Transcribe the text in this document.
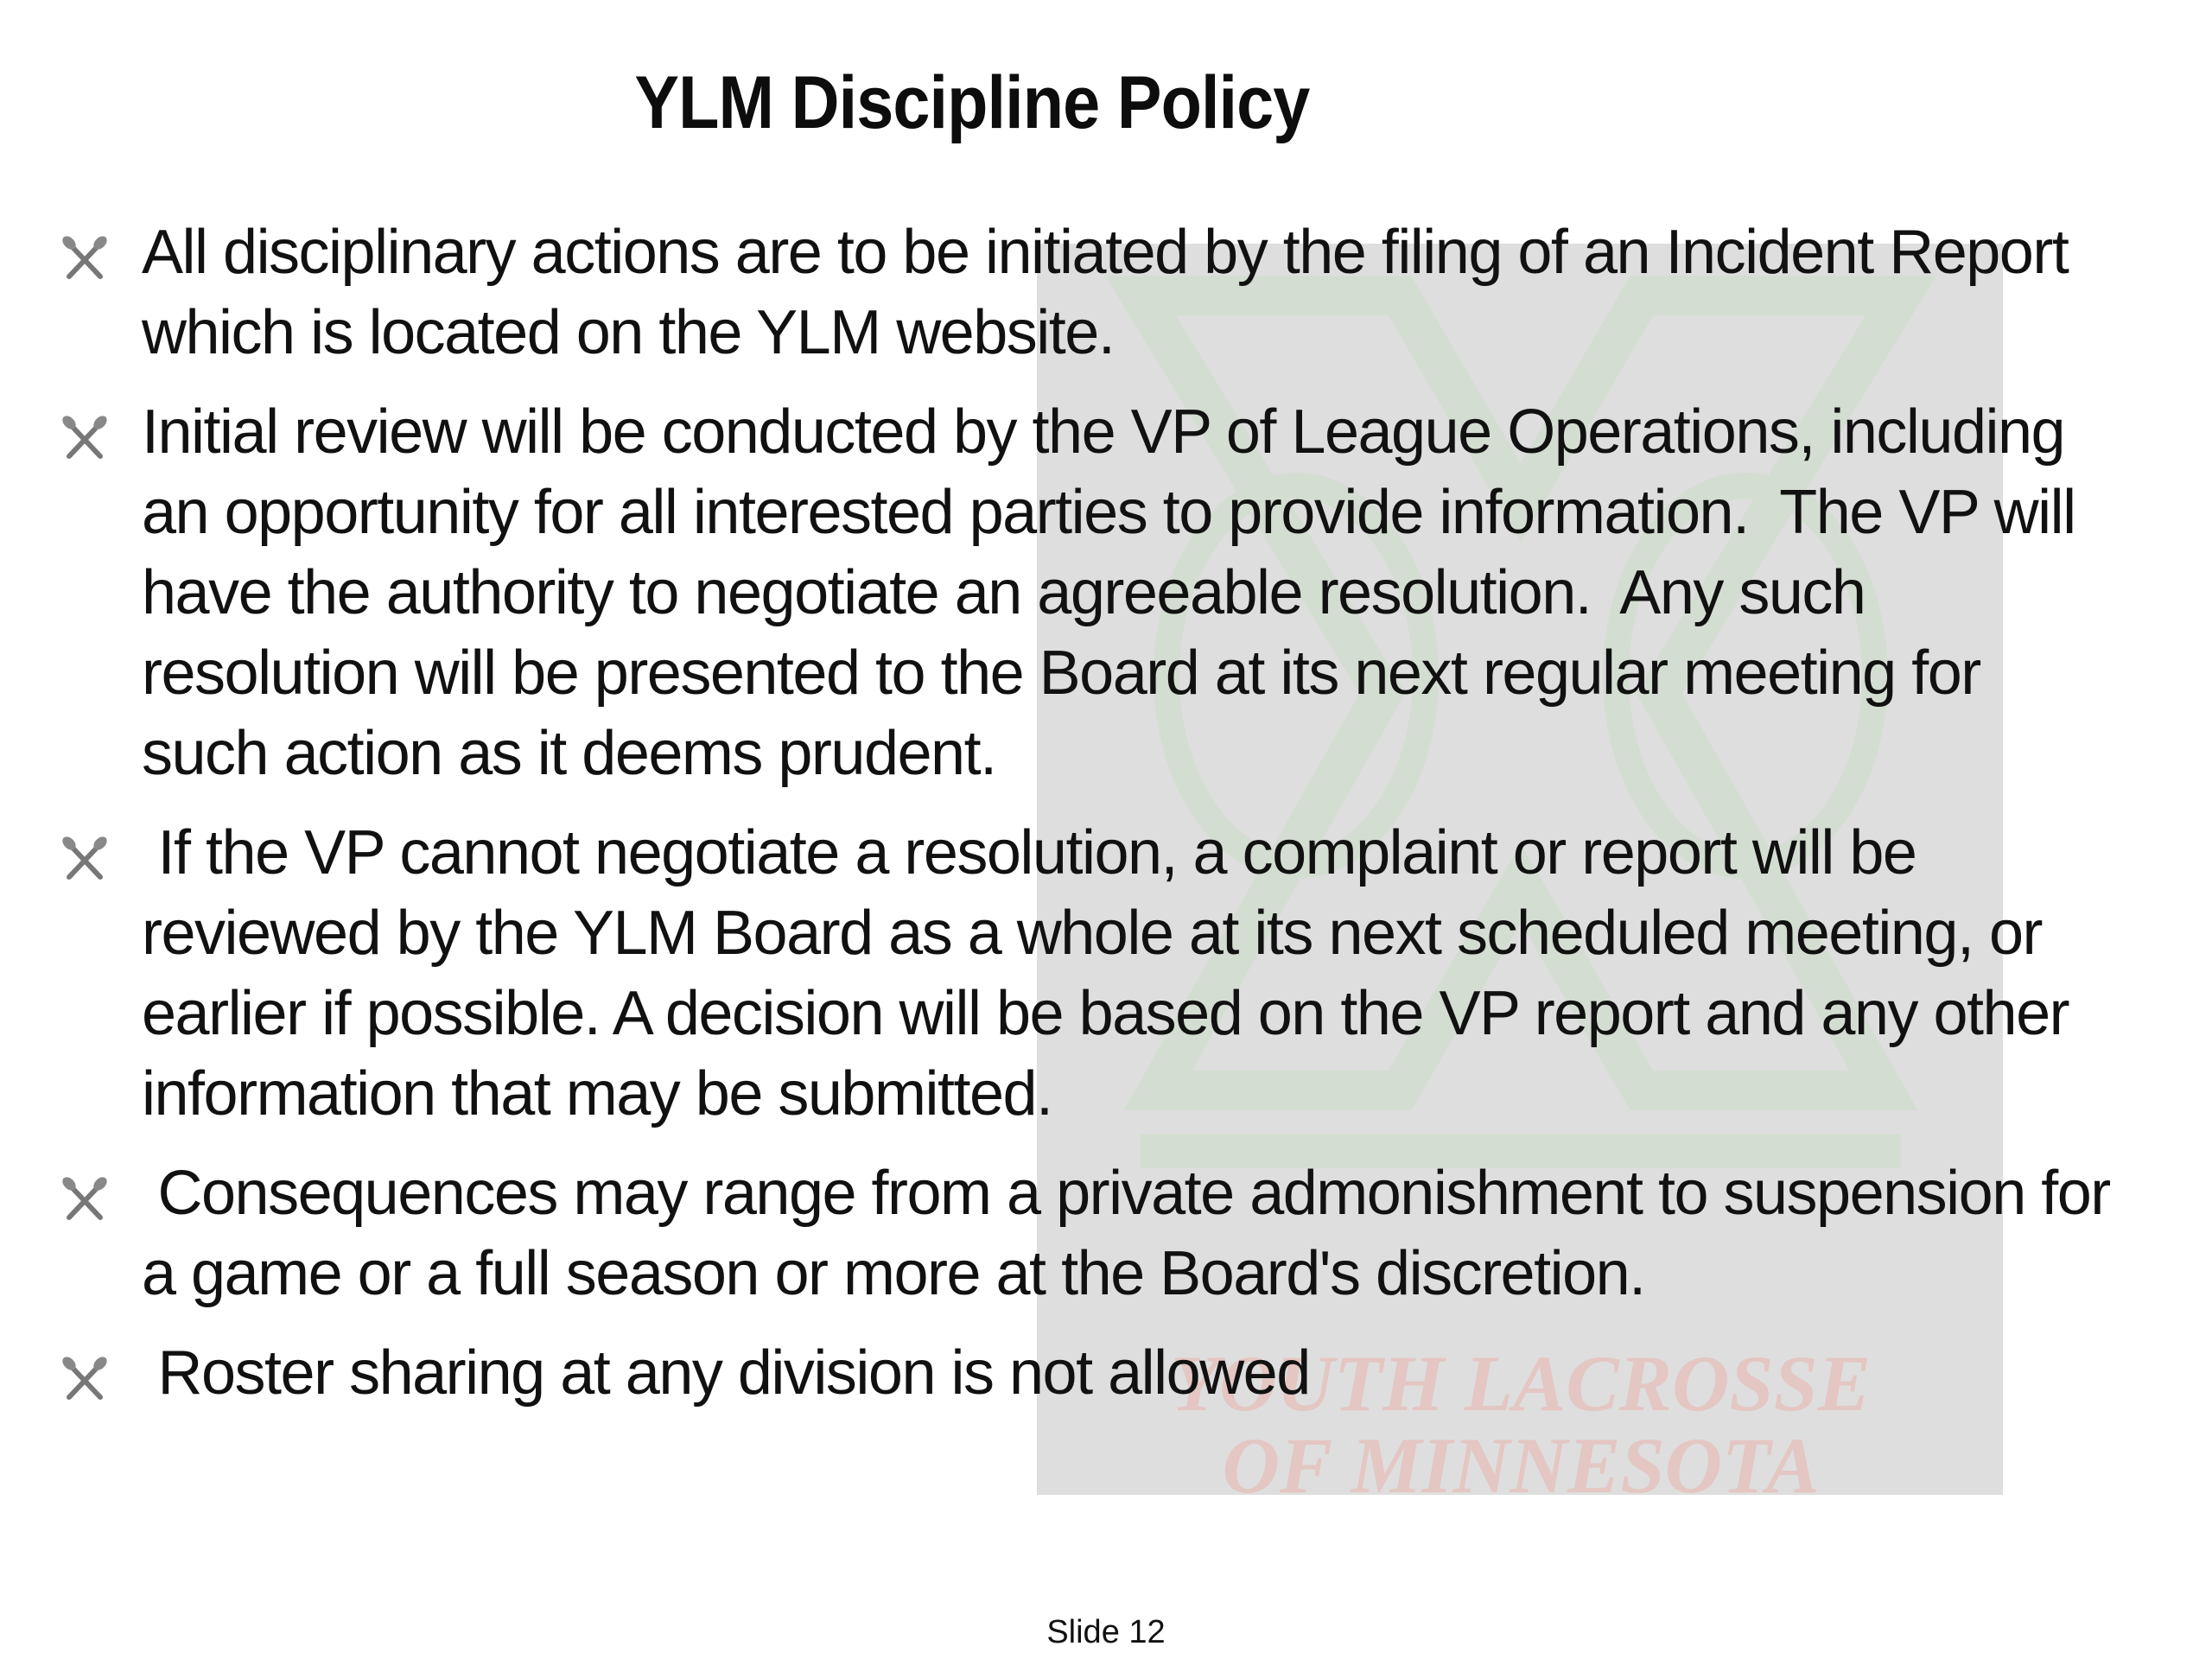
YOUTH LACROSSE
OF MINNESOTA
YLM Discipline Policy
All disciplinary actions are to be initiated by the filing of an Incident Report
which is located on the YLM website.
Initial review will be conducted by the VP of League Operations, including
an opportunity for all interested parties to provide information.  The VP will
have the authority to negotiate an agreeable resolution.  Any such
resolution will be presented to the Board at its next regular meeting for
such action as it deems prudent.
If the VP cannot negotiate a resolution, a complaint or report will be
reviewed by the YLM Board as a whole at its next scheduled meeting, or
earlier if possible. A decision will be based on the VP report and any other
information that may be submitted.
Consequences may range from a private admonishment to suspension for
a game or a full season or more at the Board's discretion.
Roster sharing at any division is not allowed
Slide 12
